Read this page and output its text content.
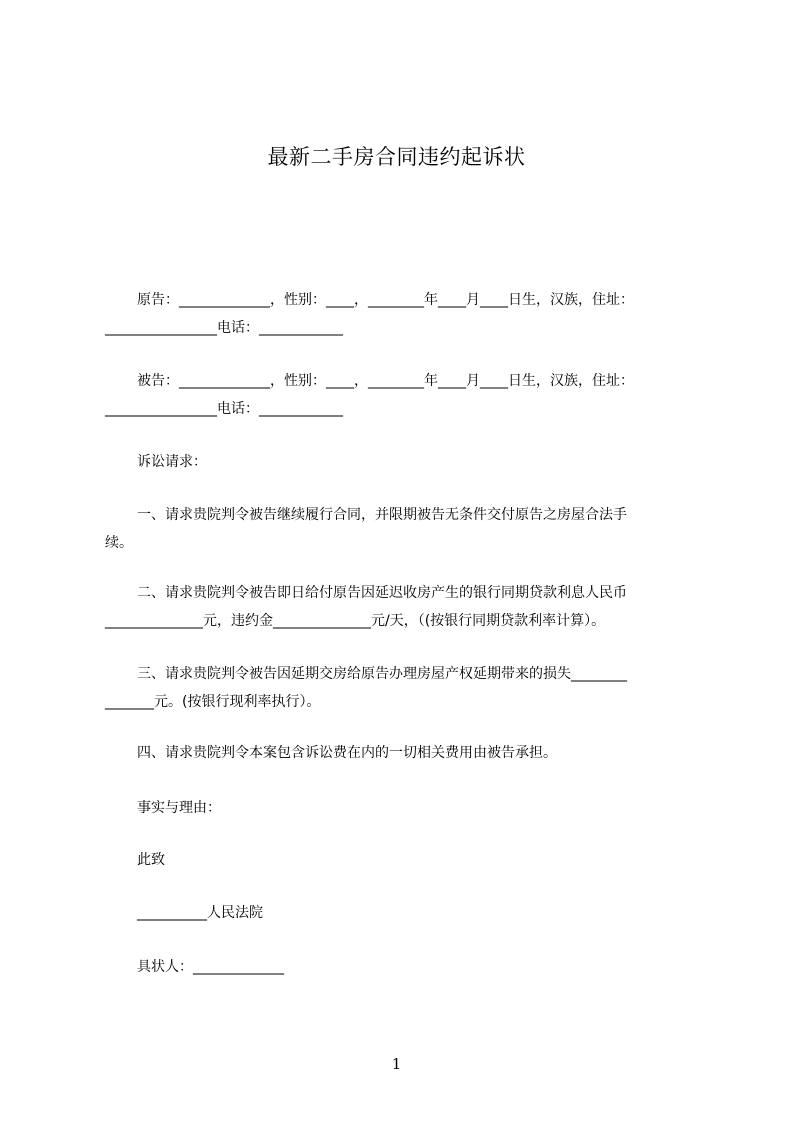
最新二手房合同违约起诉状
原告：_____________，性别：____，________年____月____日生，汉族，住址：
________________电话：____________
被告：_____________，性别：____，________年____月____日生，汉族，住址：
________________电话：____________
诉讼请求：
一、请求贵院判令被告继续履行合同，并限期被告无条件交付原告之房屋合法手
续。
二、请求贵院判令被告即日给付原告因延迟收房产生的银行同期贷款利息人民币
______________元，违约金______________元/天，（(按银行同期贷款利率计算）。
三、请求贵院判令被告因延期交房给原告办理房屋产权延期带来的损失________
_______元。(按银行现利率执行）。
四、请求贵院判令本案包含诉讼费在内的一切相关费用由被告承担。
事实与理由：
此致
__________人民法院
具状人：_____________
1
